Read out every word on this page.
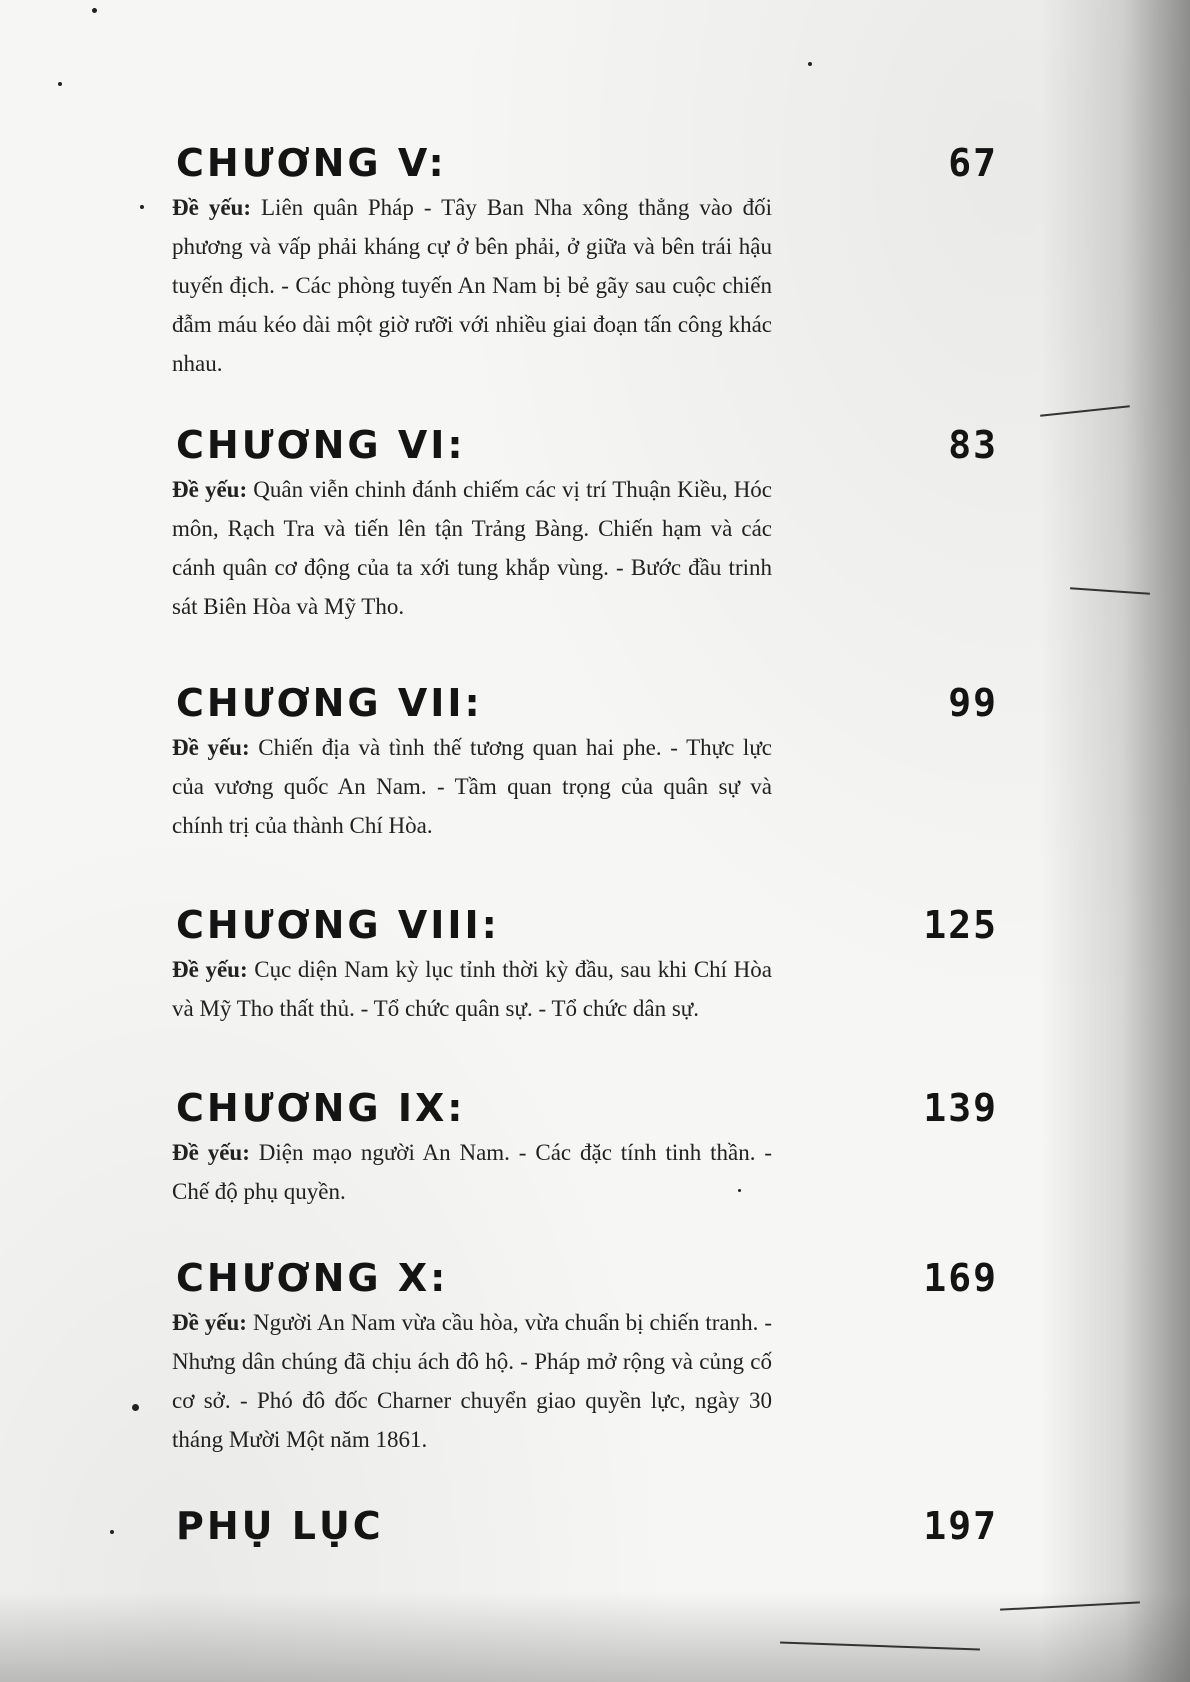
CHƯƠNG V:	67
Đề yếu: Liên quân Pháp - Tây Ban Nha xông thẳng vào đối phương và vấp phải kháng cự ở bên phải, ở giữa và bên trái hậu tuyến địch. - Các phòng tuyến An Nam bị bẻ gãy sau cuộc chiến đẫm máu kéo dài một giờ rưỡi với nhiều giai đoạn tấn công khác nhau.
CHƯƠNG VI:	83
Đề yếu: Quân viễn chinh đánh chiếm các vị trí Thuận Kiều, Hóc môn, Rạch Tra và tiến lên tận Trảng Bàng. Chiến hạm và các cánh quân cơ động của ta xới tung khắp vùng. - Bước đầu trinh sát Biên Hòa và Mỹ Tho.
CHƯƠNG VII:	99
Đề yếu: Chiến địa và tình thế tương quan hai phe. - Thực lực của vương quốc An Nam. - Tầm quan trọng của quân sự và chính trị của thành Chí Hòa.
CHƯƠNG VIII:	125
Đề yếu: Cục diện Nam kỳ lục tỉnh thời kỳ đầu, sau khi Chí Hòa và Mỹ Tho thất thủ. - Tổ chức quân sự. - Tổ chức dân sự.
CHƯƠNG IX:	139
Đề yếu: Diện mạo người An Nam. - Các đặc tính tinh thần. - Chế độ phụ quyền.
CHƯƠNG X:	169
Đề yếu: Người An Nam vừa cầu hòa, vừa chuẩn bị chiến tranh. - Nhưng dân chúng đã chịu ách đô hộ. - Pháp mở rộng và củng cố cơ sở. - Phó đô đốc Charner chuyển giao quyền lực, ngày 30 tháng Mười Một năm 1861.
PHỤ LỤC	197
